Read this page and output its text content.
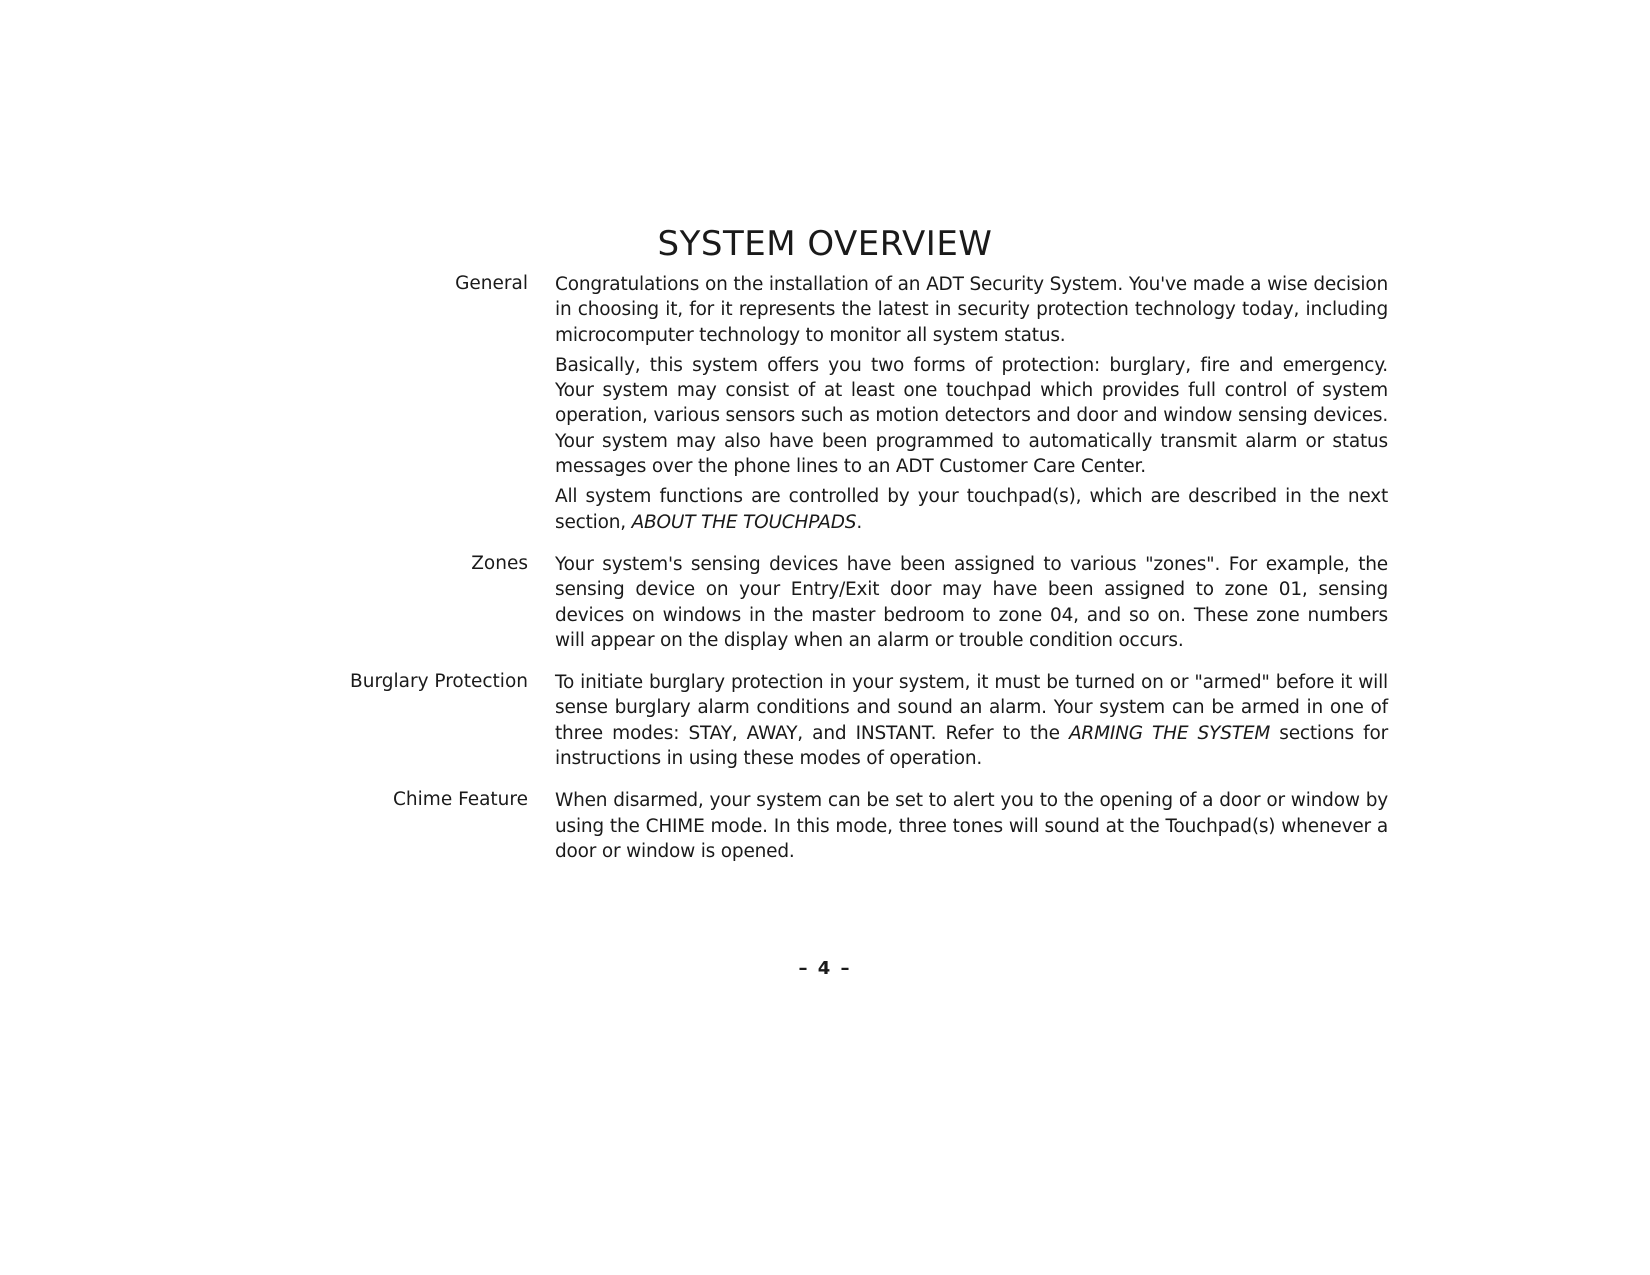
SYSTEM OVERVIEW
General Congratulations on the installation of an ADT Security System. You've made a wise decision in choosing it, for it represents the latest in security protection technology today, including microcomputer technology to monitor all system status.

Basically, this system offers you two forms of protection: burglary, fire and emergency. Your system may consist of at least one touchpad which provides full control of system operation, various sensors such as motion detectors and door and window sensing devices. Your system may also have been programmed to automatically transmit alarm or status messages over the phone lines to an ADT Customer Care Center.

All system functions are controlled by your touchpad(s), which are described in the next section, ABOUT THE TOUCHPADS.

Zones Your system's sensing devices have been assigned to various "zones". For example, the sensing device on your Entry/Exit door may have been assigned to zone 01, sensing devices on windows in the master bedroom to zone 04, and so on. These zone numbers will appear on the display when an alarm or trouble condition occurs.

Burglary Protection To initiate burglary protection in your system, it must be turned on or "armed" before it will sense burglary alarm conditions and sound an alarm. Your system can be armed in one of three modes: STAY, AWAY, and INSTANT. Refer to the ARMING THE SYSTEM sections for instructions in using these modes of operation.

Chime Feature When disarmed, your system can be set to alert you to the opening of a door or window by using the CHIME mode. In this mode, three tones will sound at the Touchpad(s) whenever a door or window is opened.

– 4 –
